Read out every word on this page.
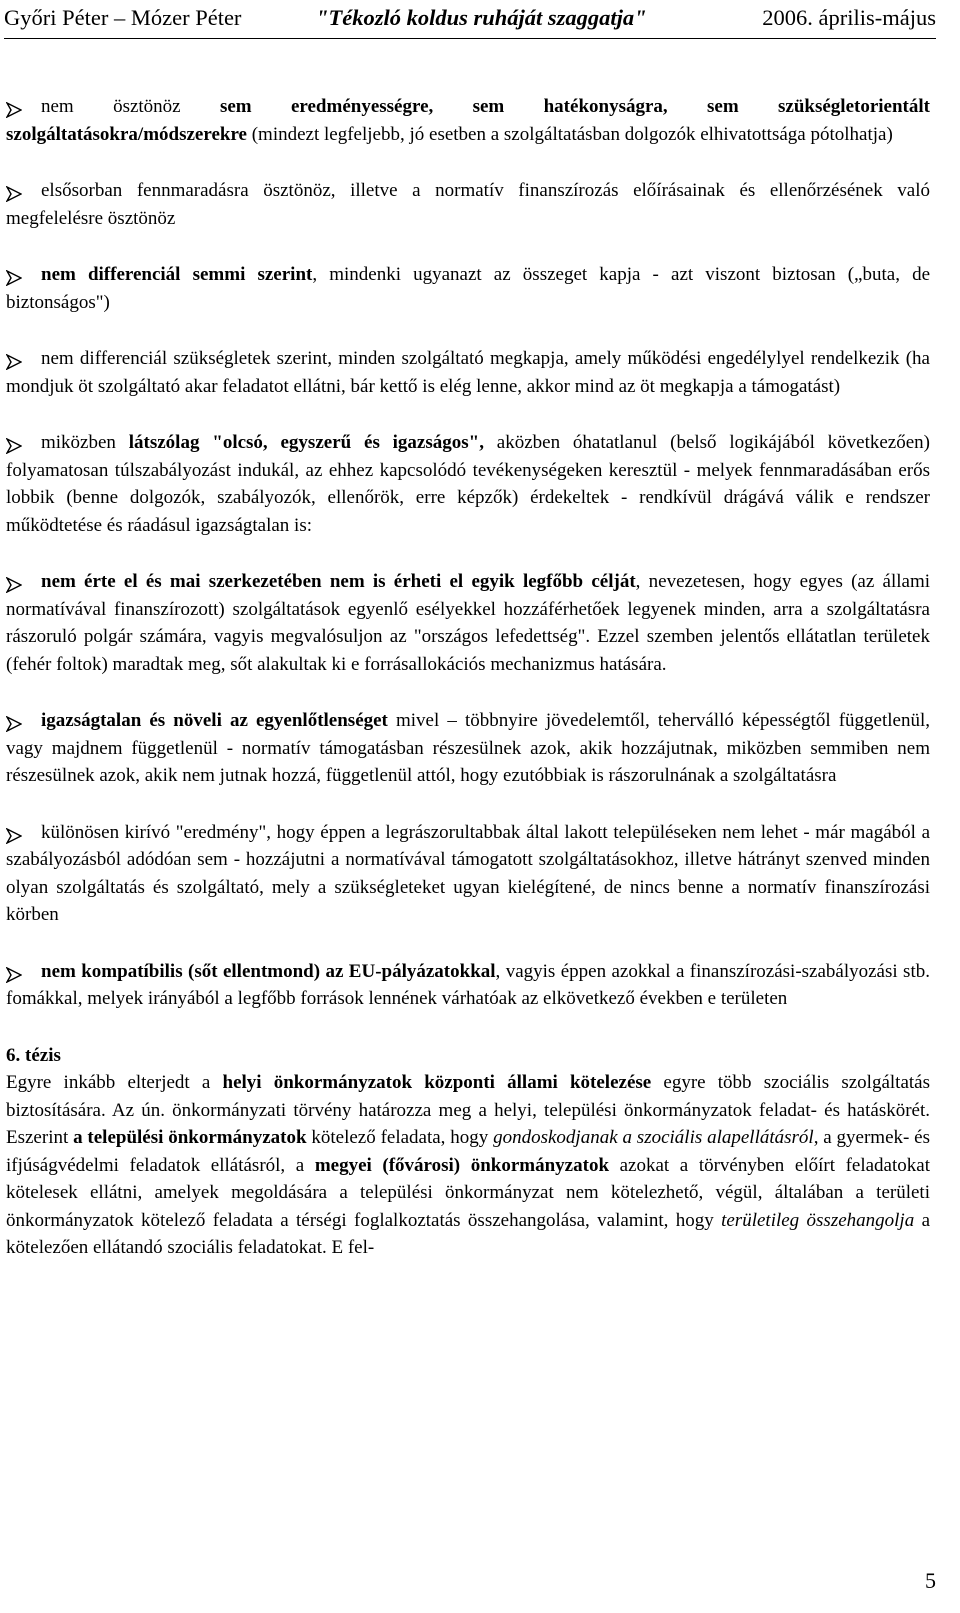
Győri Péter – Mózer Péter	"Tékozló koldus ruháját szaggatja"	2006. április-május

nem ösztönöz sem eredményességre, sem hatékonyságra, sem szükségletorientált szolgáltatásokra/módszerekre (mindezt legfeljebb, jó esetben a szolgáltatásban dolgozók elhivatottsága pótolhatja)

elsősorban fennmaradásra ösztönöz, illetve a normatív finanszírozás előírásainak és ellenőrzésének való megfelelésre ösztönöz

nem differenciál semmi szerint, mindenki ugyanazt az összeget kapja - azt viszont biztosan („buta, de biztonságos")

nem differenciál szükségletek szerint, minden szolgáltató megkapja, amely működési engedélylyel rendelkezik (ha mondjuk öt szolgáltató akar feladatot ellátni, bár kettő is elég lenne, akkor mind az öt megkapja a támogatást)

miközben látszólag "olcsó, egyszerű és igazságos", aközben óhatatlanul (belső logikájából következően) folyamatosan túlszabályozást indukál, az ehhez kapcsolódó tevékenységeken keresztül - melyek fennmaradásában erős lobbik (benne dolgozók, szabályozók, ellenőrök, erre képzők) érdekeltek - rendkívül drágává válik e rendszer működtetése és ráadásul igazságtalan is:

nem érte el és mai szerkezetében nem is érheti el egyik legfőbb célját, nevezetesen, hogy egyes (az állami normatívával finanszírozott) szolgáltatások egyenlő esélyekkel hozzáférhetőek legyenek minden, arra a szolgáltatásra rászoruló polgár számára, vagyis megvalósuljon az "országos lefedettség". Ezzel szemben jelentős ellátatlan területek (fehér foltok) maradtak meg, sőt alakultak ki e forrásallokációs mechanizmus hatására.

igazságtalan és növeli az egyenlőtlenséget mivel – többnyire jövedelemtől, teherválló képességtől függetlenül, vagy majdnem függetlenül - normatív támogatásban részesülnek azok, akik hozzájutnak, miközben semmiben nem részesülnek azok, akik nem jutnak hozzá, függetlenül attól, hogy ezutóbbiak is rászorulnának a szolgáltatásra

különösen kirívó "eredmény", hogy éppen a legrászorultabbak által lakott településeken nem lehet - már magából a szabályozásból adódóan sem - hozzájutni a normatívával támogatott szolgáltatásokhoz, illetve hátrányt szenved minden olyan szolgáltatás és szolgáltató, mely a szükségleteket ugyan kielégítené, de nincs benne a normatív finanszírozási körben

nem kompatíbilis (sőt ellentmond) az EU-pályázatokkal, vagyis éppen azokkal a finanszírozási-szabályozási stb. fomákkal, melyek irányából a legfőbb források lennének várhatóak az elkövetkező években e területen

6. tézis

Egyre inkább elterjedt a helyi önkormányzatok központi állami kötelezése egyre több szociális szolgáltatás biztosítására. Az ún. önkormányzati törvény határozza meg a helyi, települési önkormányzatok feladat- és hatáskörét. Eszerint a települési önkormányzatok kötelező feladata, hogy gondoskodjanak a szociális alapellátásról, a gyermek- és ifjúságvédelmi feladatok ellátásról, a megyei (fővárosi) önkormányzatok azokat a törvényben előírt feladatokat kötelesek ellátni, amelyek megoldására a települési önkormányzat nem kötelezhető, végül, általában a területi önkormányzatok kötelező feladata a térségi foglalkoztatás összehangolása, valamint, hogy területileg összehangolja a kötelezően ellátandó szociális feladatokat. E fel-

5
